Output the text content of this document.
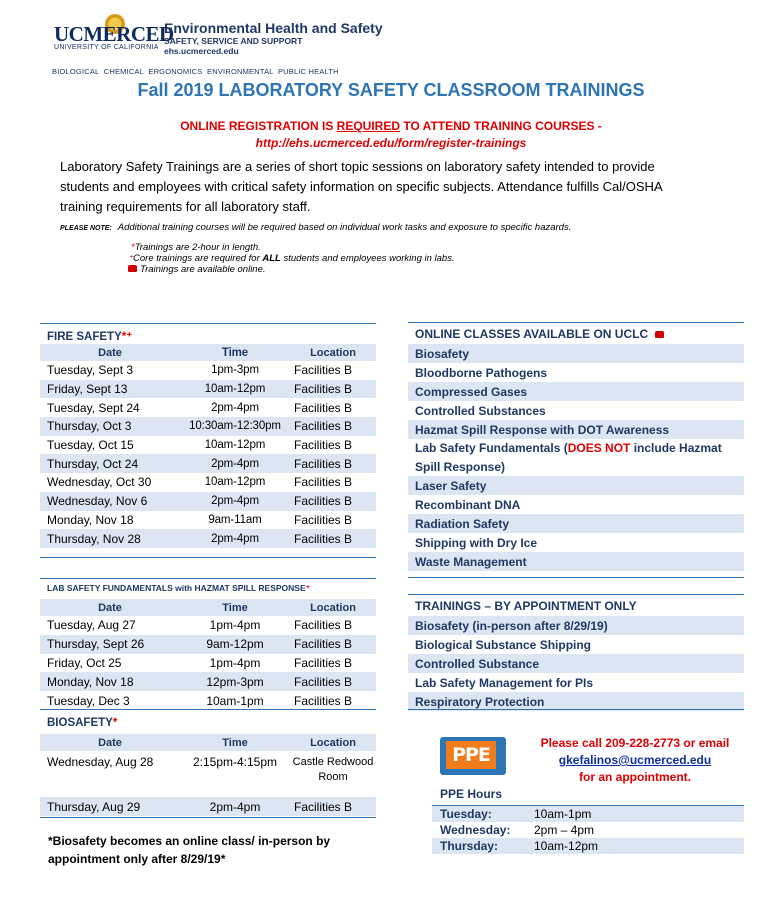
UCMERCED
UNIVERSITY OF CALIFORNIA
Environmental Health and Safety
SAFETY, SERVICE AND SUPPORT
ehs.ucmerced.edu
BIOLOGICAL  CHEMICAL  ERGONOMICS  ENVIRONMENTAL  PUBLIC HEALTH
Fall 2019 LABORATORY SAFETY CLASSROOM TRAININGS
ONLINE REGISTRATION IS REQUIRED TO ATTEND TRAINING COURSES -
http://ehs.ucmerced.edu/form/register-trainings
Laboratory Safety Trainings are a series of short topic sessions on laboratory safety intended to provide students and employees with critical safety information on specific subjects. Attendance fulfills Cal/OSHA training requirements for all laboratory staff.
PLEASE NOTE: Additional training courses will be required based on individual work tasks and exposure to specific hazards.
*Trainings are 2-hour in length.
⁺Core trainings are required for ALL students and employees working in labs.
Trainings are available online.
FIRE SAFETY*⁺
Date	Time	Location
Tuesday, Sept 3	1pm-3pm	Facilities B
Friday, Sept 13	10am-12pm	Facilities B
Tuesday, Sept 24	2pm-4pm	Facilities B
Thursday, Oct 3	10:30am-12:30pm	Facilities B
Tuesday, Oct 15	10am-12pm	Facilities B
Thursday, Oct 24	2pm-4pm	Facilities B
Wednesday, Oct 30	10am-12pm	Facilities B
Wednesday, Nov 6	2pm-4pm	Facilities B
Monday, Nov 18	9am-11am	Facilities B
Thursday, Nov 28	2pm-4pm	Facilities B
LAB SAFETY FUNDAMENTALS with HAZMAT SPILL RESPONSE⁺
Date	Time	Location
Tuesday, Aug 27	1pm-4pm	Facilities B
Thursday, Sept 26	9am-12pm	Facilities B
Friday, Oct 25	1pm-4pm	Facilities B
Monday, Nov 18	12pm-3pm	Facilities B
Tuesday, Dec 3	10am-1pm	Facilities B
BIOSAFETY*
Date	Time	Location
Wednesday, Aug 28	2:15pm-4:15pm	Castle Redwood Room
Thursday, Aug 29	2pm-4pm	Facilities B
*Biosafety becomes an online class/ in-person by appointment only after 8/29/19*
ONLINE CLASSES AVAILABLE ON UCLC
Biosafety
Bloodborne Pathogens
Compressed Gases
Controlled Substances
Hazmat Spill Response with DOT Awareness
Lab Safety Fundamentals (DOES NOT include Hazmat Spill Response)
Laser Safety
Recombinant DNA
Radiation Safety
Shipping with Dry Ice
Waste Management
TRAININGS – BY APPOINTMENT ONLY
Biosafety (in-person after 8/29/19)
Biological Substance Shipping
Controlled Substance
Lab Safety Management for PIs
Respiratory Protection
PPE
Please call 209-228-2773 or email
gkefalinos@ucmerced.edu
for an appointment.
PPE Hours
Tuesday:	10am-1pm
Wednesday:	2pm – 4pm
Thursday:	10am-12pm
